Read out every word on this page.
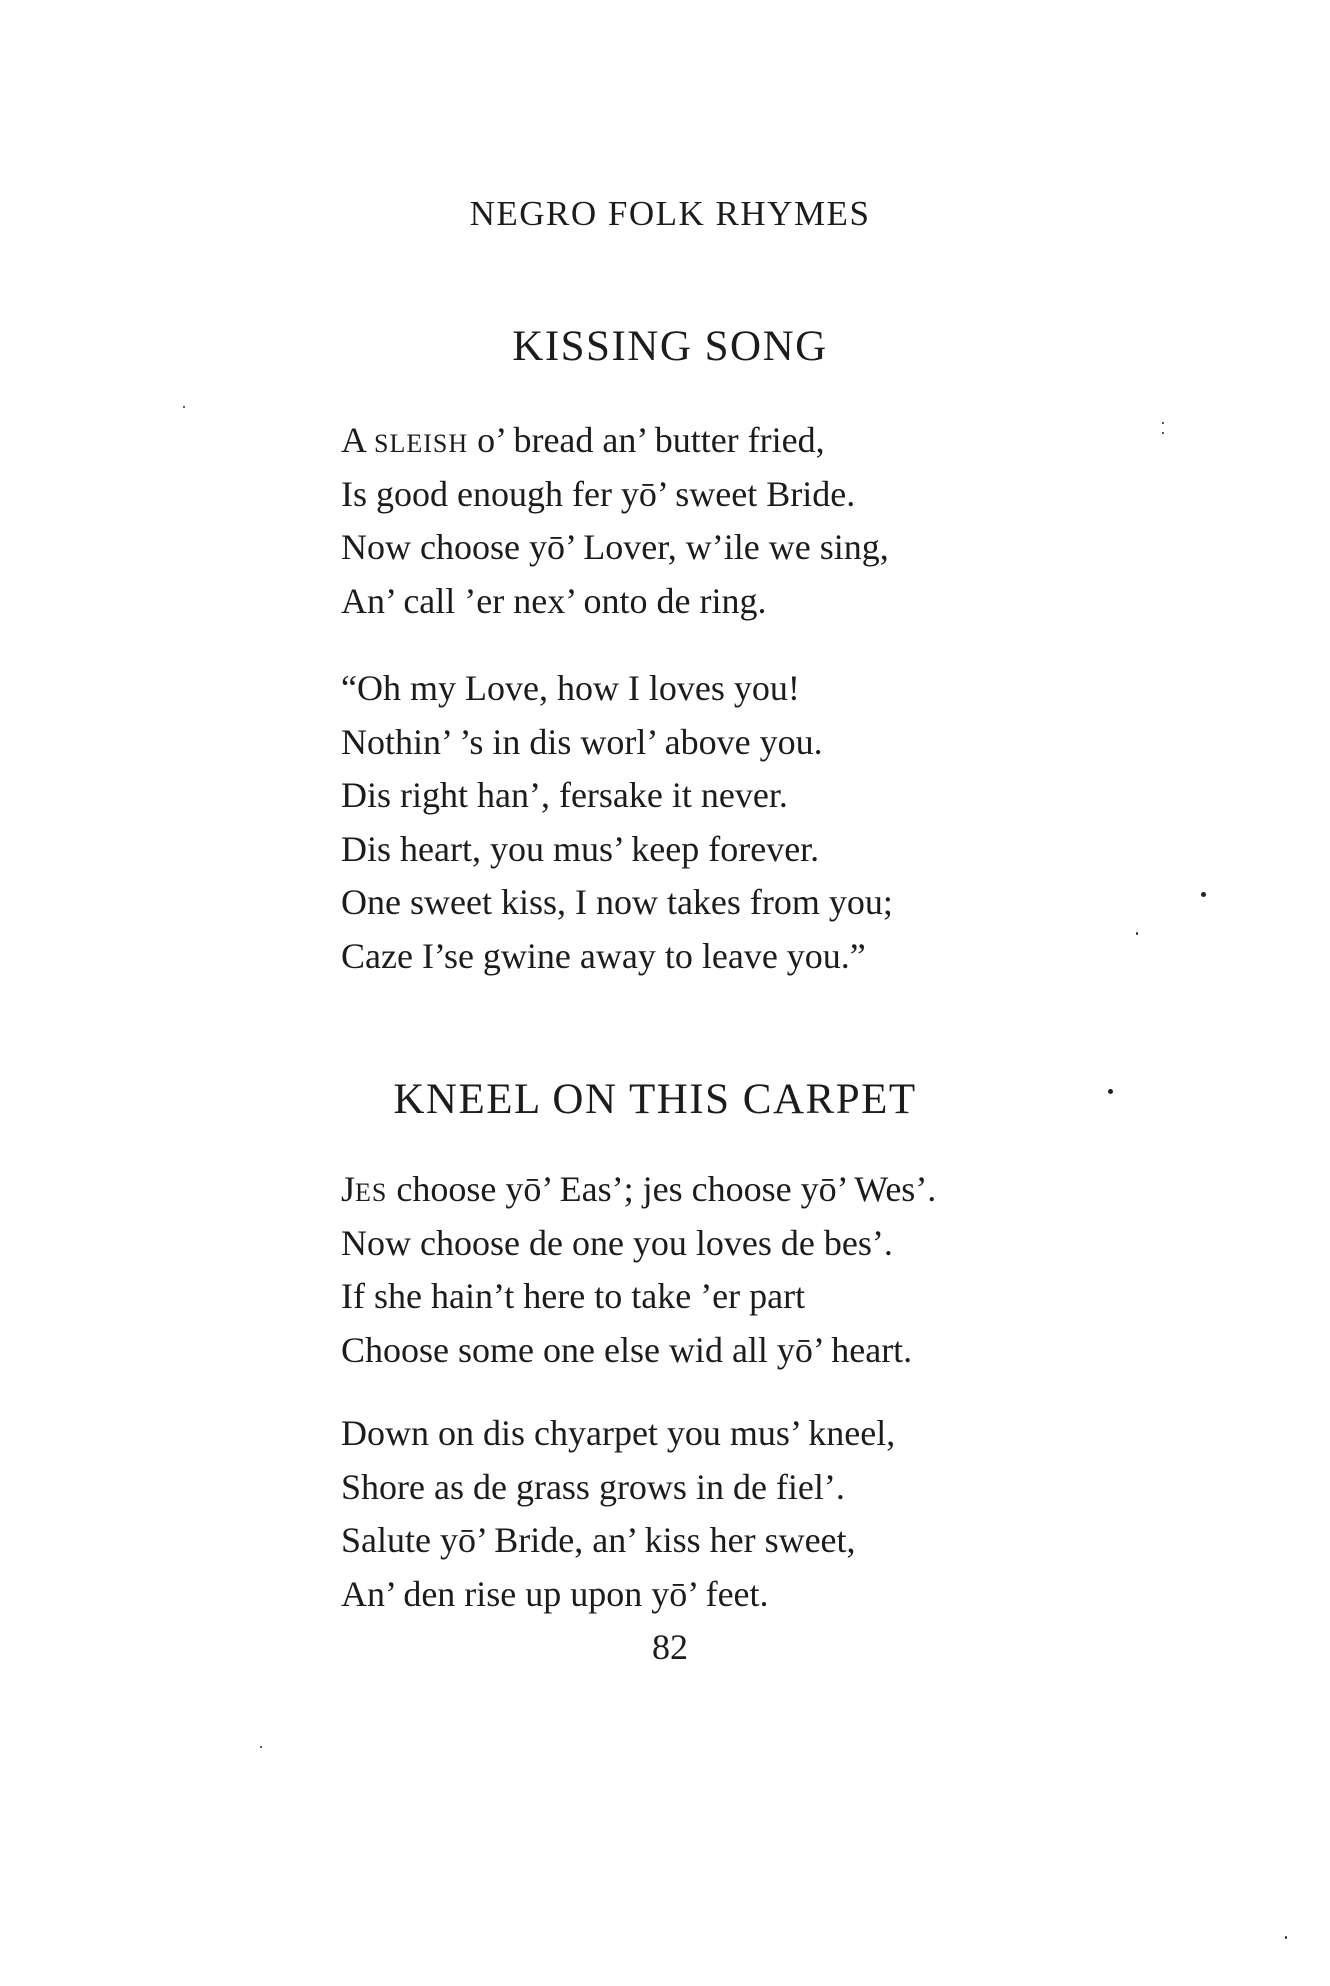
NEGRO FOLK RHYMES
KISSING SONG
A SLEISH o’ bread an’ butter fried,
Is good enough fer yō’ sweet Bride.
Now choose yō’ Lover, w’ile we sing,
An’ call ’er nex’ onto de ring.
“Oh my Love, how I loves you!
Nothin’ ’s in dis worl’ above you.
Dis right han’, fersake it never.
Dis heart, you mus’ keep forever.
One sweet kiss, I now takes from you;
Caze I’se gwine away to leave you.”
KNEEL ON THIS CARPET
JES choose yō’ Eas’; jes choose yō’ Wes’.
Now choose de one you loves de bes’.
If she hain’t here to take ’er part
Choose some one else wid all yō’ heart.
Down on dis chyarpet you mus’ kneel,
Shore as de grass grows in de fiel’.
Salute yō’ Bride, an’ kiss her sweet,
An’ den rise up upon yō’ feet.
82
